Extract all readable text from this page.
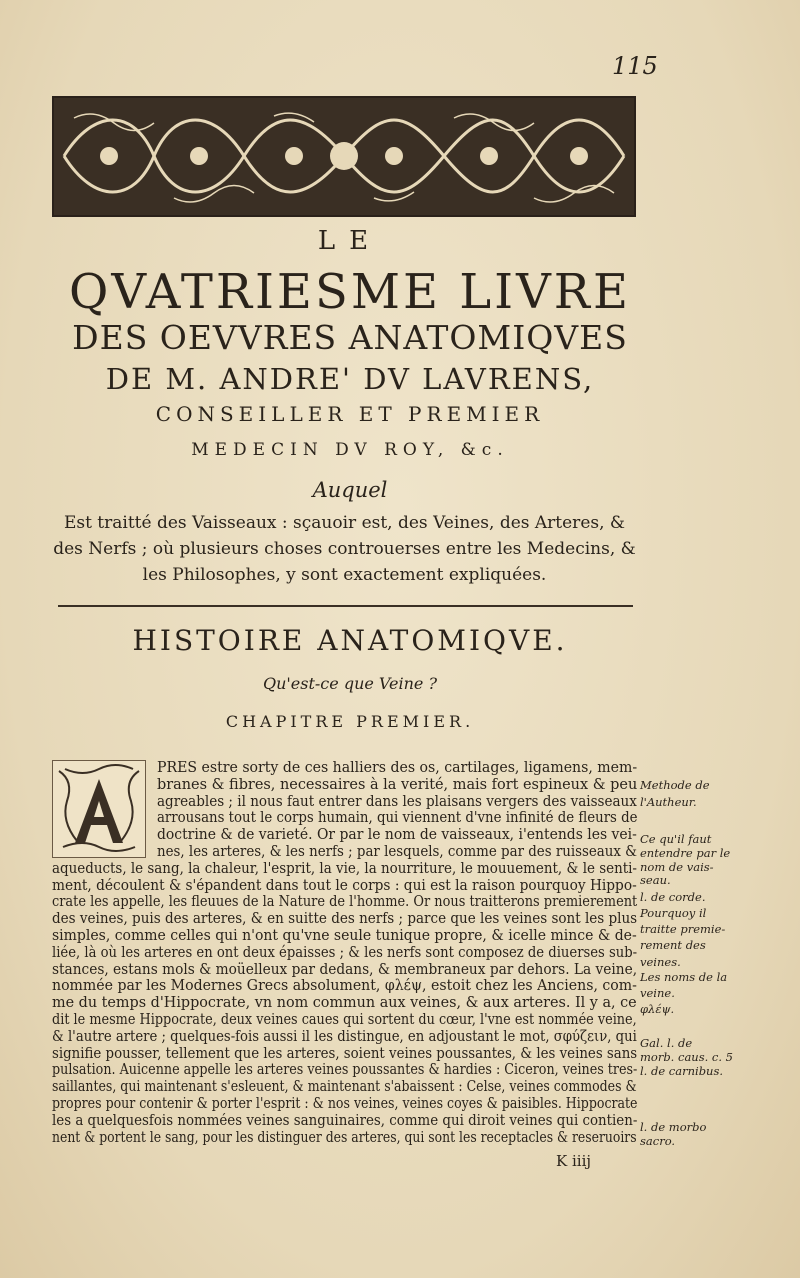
115
LE
QVATRIESME LIVRE
DES OEVVRES ANATOMIQVES
DE M. ANDRE' DV LAVRENS,
CONSEILLER ET PREMIER
MEDECIN DV ROY, &c.
Auquel
Est traitté des Vaisseaux : sçauoir est, des Veines, des Arteres, & des Nerfs ; où plusieurs choses controuerses entre les Medecins, & les Philosophes, y sont exactement expliquées.
HISTOIRE ANATOMIQVE.
Qu'est-ce que Veine ?
CHAPITRE PREMIER.
PRES estre sorty de ces halliers des os, cartilages, ligamens, mem-
branes & fibres, necessaires à la verité, mais fort espineux & peu
agreables ; il nous faut entrer dans les plaisans vergers des vaisseaux
arrousans tout le corps humain, qui viennent d'vne infinité de fleurs de
doctrine & de varieté. Or par le nom de vaisseaux, i'entends les vei-
nes, les arteres, & les nerfs ; par lesquels, comme par des ruisseaux &
aqueducts, le sang, la chaleur, l'esprit, la vie, la nourriture, le mouuement, & le senti-
ment, découlent & s'épandent dans tout le corps : qui est la raison pourquoy Hippo-
crate les appelle, les fleuues de la Nature de l'homme. Or nous traitterons premierement
des veines, puis des arteres, & en suitte des nerfs ; parce que les veines sont les plus
simples, comme celles qui n'ont qu'vne seule tunique propre, & icelle mince & de-
liée, là où les arteres en ont deux épaisses ; & les nerfs sont composez de diuerses sub-
stances, estans mols & moüelleux par dedans, & membraneux par dehors. La veine,
nommée par les Modernes Grecs absolument, φλέψ, estoit chez les Anciens, com-
me du temps d'Hippocrate, vn nom commun aux veines, & aux arteres. Il y a, ce
dit le mesme Hippocrate, deux veines caues qui sortent du cœur, l'vne est nommée veine,
& l'autre artere ; quelques-fois aussi il les distingue, en adjoustant le mot, σφύζειν, qui
signifie pousser, tellement que les arteres, soient veines poussantes, & les veines sans
pulsation. Auicenne appelle les arteres veines poussantes & hardies : Ciceron, veines tres-
saillantes, qui maintenant s'esleuent, & maintenant s'abaissent : Celse, veines commodes &
propres pour contenir & porter l'esprit : & nos veines, veines coyes & paisibles. Hippocrate
les a quelquesfois nommées veines sanguinaires, comme qui diroit veines qui contien-
nent & portent le sang, pour les distinguer des arteres, qui sont les receptacles & reseruoirs
Methode de
l'Autheur.
Ce qu'il faut
entendre par le
nom de vais-
seau.
l. de corde.
Pourquoy il
traitte premie-
rement des
veines.
Les noms de la
veine.
φλέψ.
Gal. l. de
morb. caus. c. 5
l. de carnibus.
l. de morbo
sacro.
K iiij
